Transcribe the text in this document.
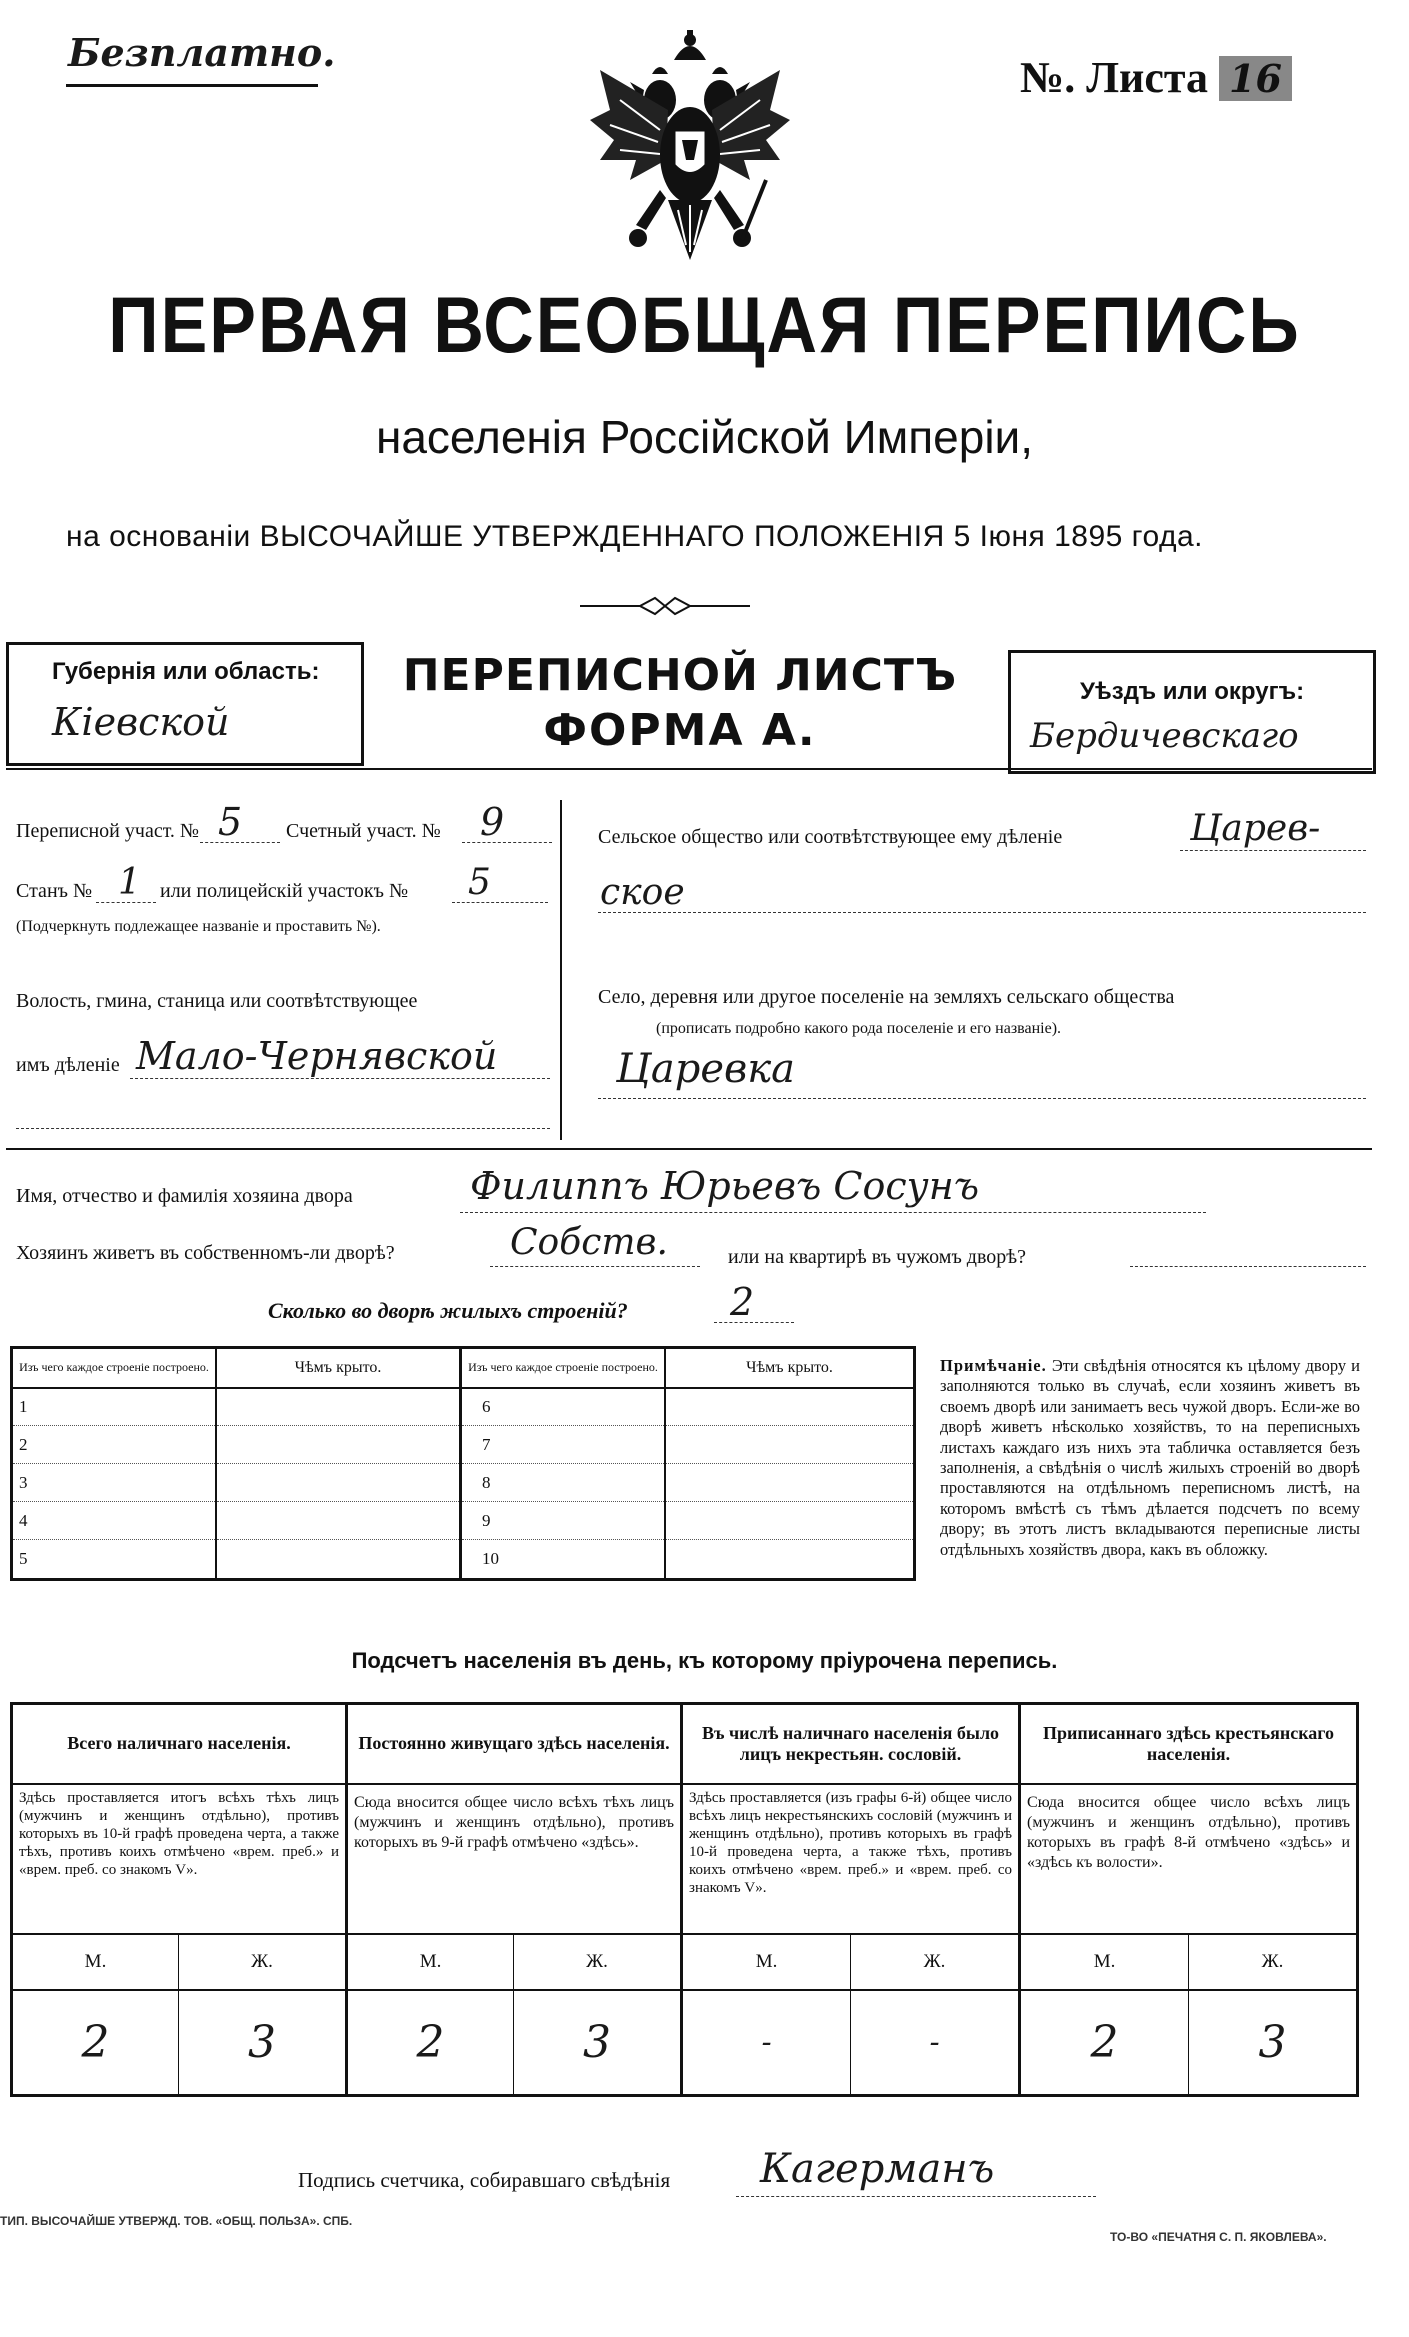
Безплатно.
№. Листа 16
ПЕРВАЯ ВСЕОБЩАЯ ПЕРЕПИСЬ
населенія Россійской Имперіи,
на основаніи ВЫСОЧАЙШЕ УТВЕРЖДЕННАГО ПОЛОЖЕНІЯ 5 Іюня 1895 года.
Губернія или область:
Кіевской
ПЕРЕПИСНОЙ ЛИСТЪ
ФОРМА А.
Уѣздъ или округъ:
Бердичевскаго
Переписной участ. № 5 Счетный участ. № 9
Станъ № 1 или полицейскій участокъ № 5
(Подчеркнуть подлежащее названіе и проставить №).
Волость, гмина, станица или соотвѣтствующее
имъ дѣленіе Мало-Чернявской
Сельское общество или соотвѣтствующее ему дѣленіе	Царев-
ское
Село, деревня или другое поселеніе на земляхъ сельскаго общества
(прописать подробно какого рода поселеніе и его названіе).
Царевка
Имя, отчество и фамилія хозяина двора	Филиппъ Юрьевъ Сосунъ
Хозяинъ живетъ въ собственномъ-ли дворѣ?	Собств.	или на квартирѣ въ чужомъ дворѣ?
Сколько во дворѣ жилыхъ строеній?	2
Изъ чего каждое строеніе построено.	Чѣмъ крыто.	Изъ чего каждое строеніе построено.	Чѣмъ крыто.
1		6	
2		7	
3		8	
4		9	
5		10	
Примѣчаніе. Эти свѣдѣнія относятся къ цѣлому двору и заполняются только въ случаѣ, если хозяинъ живетъ въ своемъ дворѣ или занимаетъ весь чужой дворъ. Если-же во дворѣ живетъ нѣсколько хозяйствъ, то на переписныхъ листахъ каждаго изъ нихъ эта табличка оставляется безъ заполненія, а свѣдѣнія о числѣ жилыхъ строеній во дворѣ проставляются на отдѣльномъ переписномъ листѣ, на которомъ вмѣстѣ съ тѣмъ дѣлается подсчетъ по всему двору; въ этотъ листъ вкладываются переписные листы отдѣльныхъ хозяйствъ двора, какъ въ обложку.
Подсчетъ населенія въ день, къ которому пріурочена перепись.
Всего наличнаго населенія.		Постоянно живущаго здѣсь населенія.		Въ числѣ наличнаго населенія было лицъ некрестьян. сословій.		Приписаннаго здѣсь крестьянскаго населенія.	
Здѣсь проставляется итогъ всѣхъ тѣхъ лицъ (мужчинъ и женщинъ отдѣльно), противъ которыхъ въ 10-й графѣ проведена черта, а также тѣхъ, противъ коихъ отмѣчено «врем. преб.» и «врем. преб. со знакомъ V».		Сюда вносится общее число всѣхъ тѣхъ лицъ (мужчинъ и женщинъ отдѣльно), противъ которыхъ въ 9-й графѣ отмѣчено «здѣсь».		Здѣсь проставляется (изъ графы 6-й) общее число всѣхъ лицъ некрестьянскихъ сословій (мужчинъ и женщинъ отдѣльно), противъ которыхъ въ графѣ 10-й проведена черта, а также тѣхъ, противъ коихъ отмѣчено «врем. преб.» и «врем. преб. со знакомъ V».		Сюда вносится общее число всѣхъ лицъ (мужчинъ и женщинъ отдѣльно), противъ которыхъ въ графѣ 8-й отмѣчено «здѣсь» и «здѣсь къ волости».	
М.	Ж.	М.	Ж.	М.	Ж.	М.	Ж.
2	3	2	3	-	-	2	3
Подпись счетчика, собиравшаго свѣдѣнія Кагерманъ
ТИП. ВЫСОЧАЙШЕ УТВЕРЖД. ТОВ. «ОБЩ. ПОЛЬЗА». СПБ.
ТО-ВО «ПЕЧАТНЯ С. П. ЯКОВЛЕВА».
